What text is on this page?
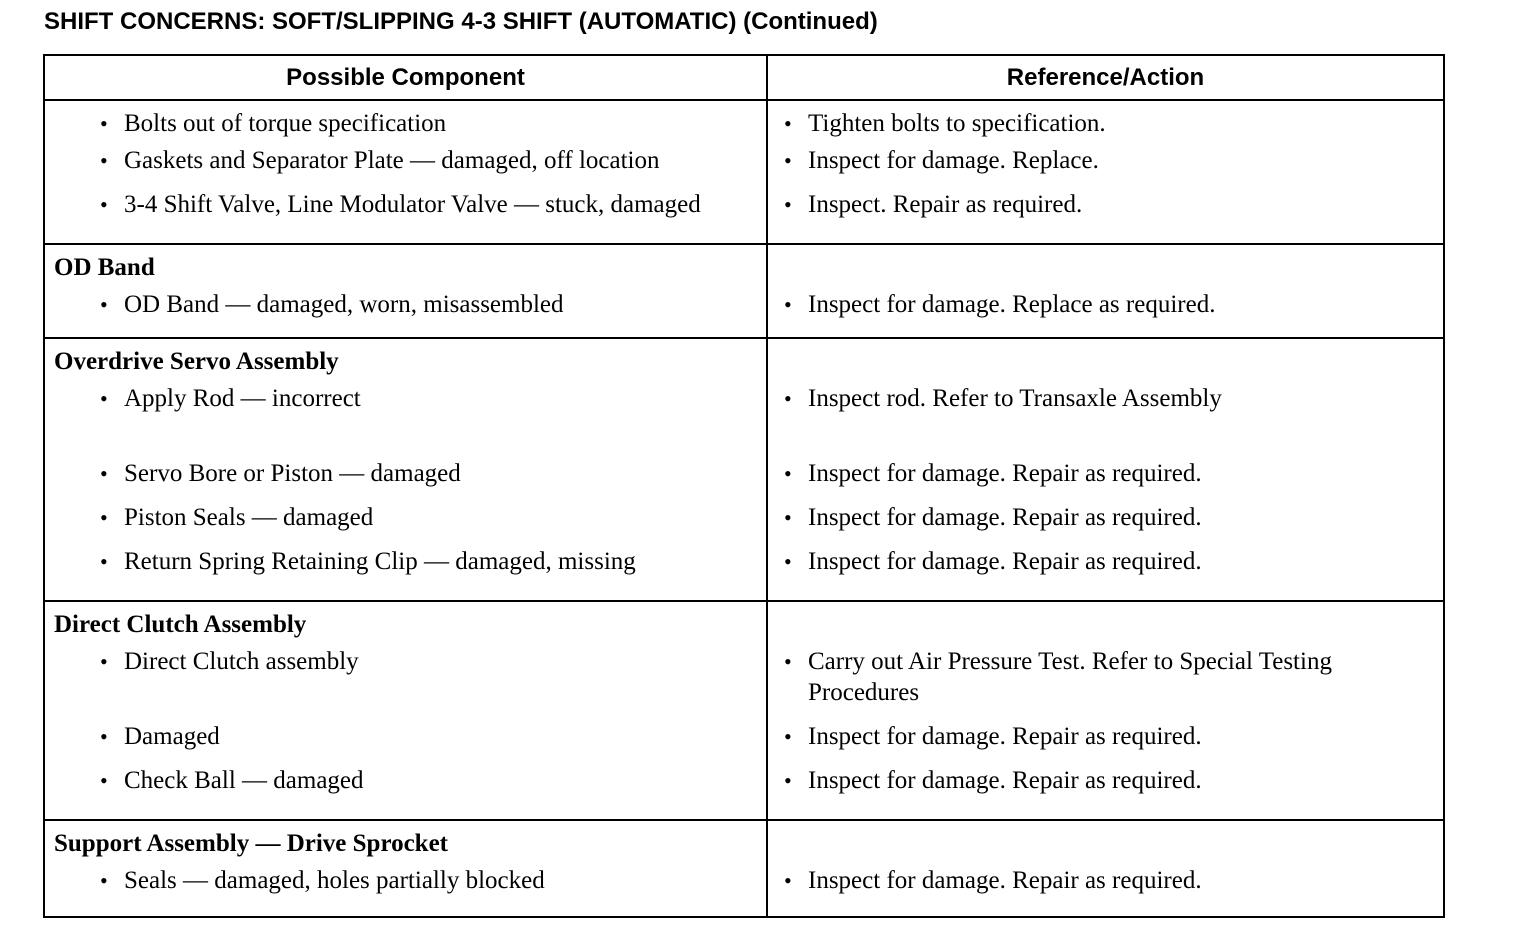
SHIFT CONCERNS: SOFT/SLIPPING 4-3 SHIFT (AUTOMATIC) (Continued)
Possible Component	Reference/Action

• Bolts out of torque specification	• Tighten bolts to specification.

• Gaskets and Separator Plate — damaged, off location	• Inspect for damage. Replace.

• 3-4 Shift Valve, Line Modulator Valve — stuck, damaged	• Inspect. Repair as required.

OD Band	

• OD Band — damaged, worn, misassembled	• Inspect for damage. Replace as required.

Overdrive Servo Assembly	

• Apply Rod — incorrect	• Inspect rod. Refer to Transaxle Assembly

• Servo Bore or Piston — damaged	• Inspect for damage. Repair as required.

• Piston Seals — damaged	• Inspect for damage. Repair as required.

• Return Spring Retaining Clip — damaged, missing	• Inspect for damage. Repair as required.

Direct Clutch Assembly	

• Direct Clutch assembly	• Carry out Air Pressure Test. Refer to Special Testing Procedures

• Damaged	• Inspect for damage. Repair as required.

• Check Ball — damaged	• Inspect for damage. Repair as required.

Support Assembly — Drive Sprocket	

• Seals — damaged, holes partially blocked	• Inspect for damage. Repair as required.
